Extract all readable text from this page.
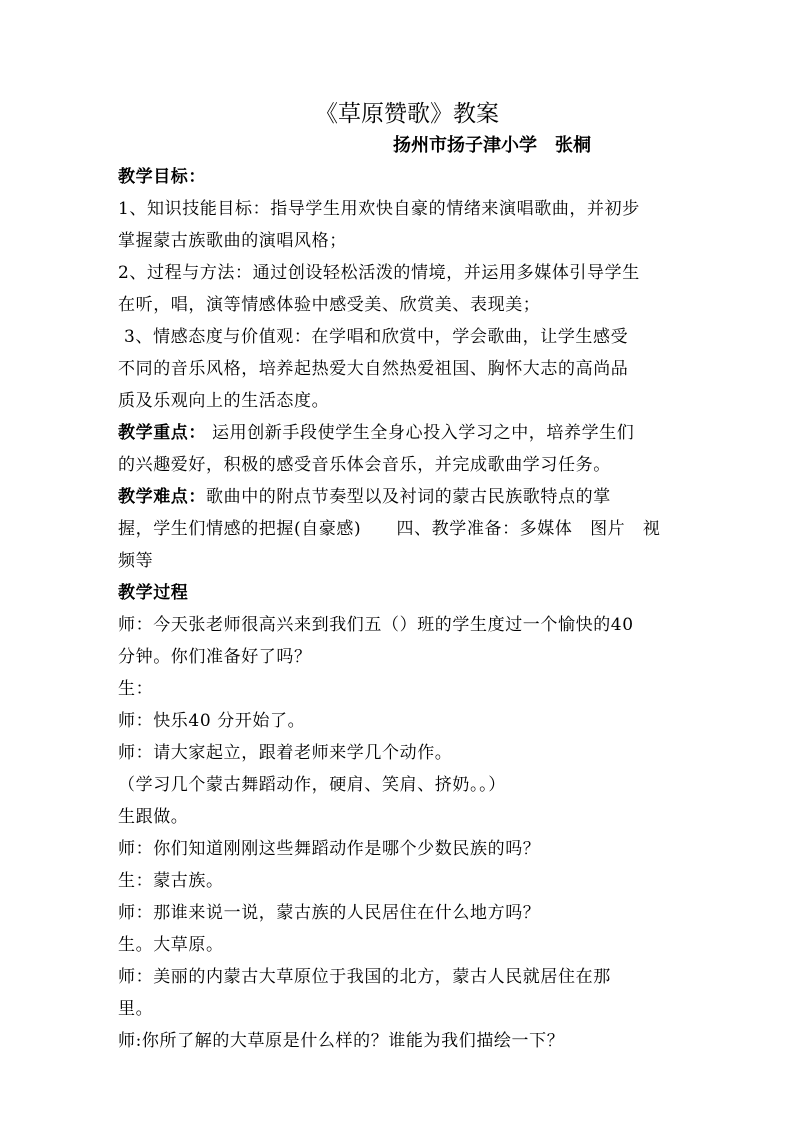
《草原赞歌》教案
扬州市扬子津小学　张桐
教学目标：
1、知识技能目标：指导学生用欢快自豪的情绪来演唱歌曲，并初步
掌握蒙古族歌曲的演唱风格；
2、过程与方法：通过创设轻松活泼的情境，并运用多媒体引导学生
在听，唱，演等情感体验中感受美、欣赏美、表现美；
3、情感态度与价值观：在学唱和欣赏中，学会歌曲，让学生感受
不同的音乐风格，培养起热爱大自然热爱祖国、胸怀大志的高尚品
质及乐观向上的生活态度。
教学重点： 运用创新手段使学生全身心投入学习之中，培养学生们
的兴趣爱好，积极的感受音乐体会音乐，并完成歌曲学习任务。
教学难点：歌曲中的附点节奏型以及衬词的蒙古民族歌特点的掌
握，学生们情感的把握(自豪感)　　四、教学准备：多媒体　图片　视
频等
教学过程
师：今天张老师很高兴来到我们五（）班的学生度过一个愉快的40
分钟。你们准备好了吗？
生：
师：快乐40 分开始了。
师：请大家起立，跟着老师来学几个动作。
（学习几个蒙古舞蹈动作，硬肩、笑肩、挤奶。。）
生跟做。
师：你们知道刚刚这些舞蹈动作是哪个少数民族的吗？
生：蒙古族。
师：那谁来说一说，蒙古族的人民居住在什么地方吗？
生。大草原。
师：美丽的内蒙古大草原位于我国的北方，蒙古人民就居住在那
里。
师:你所了解的大草原是什么样的？谁能为我们描绘一下？
